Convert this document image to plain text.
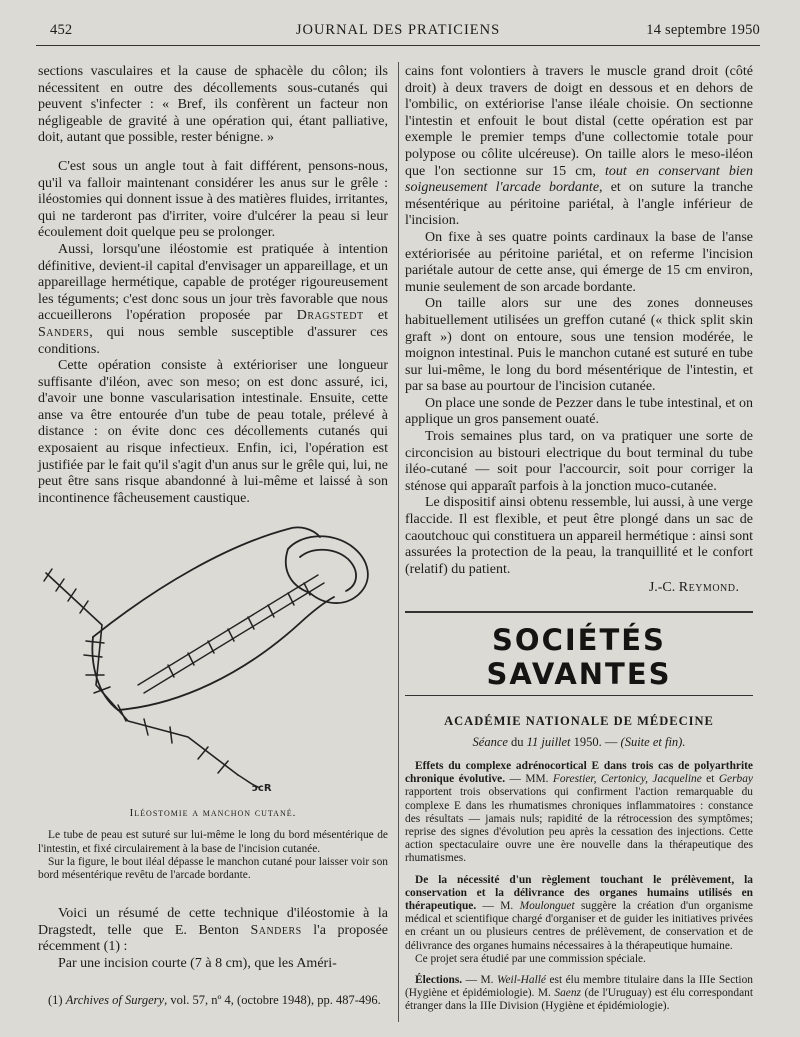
452	JOURNAL DES PRATICIENS	14 septembre 1950

sections vasculaires et la cause de sphacèle du côlon; ils nécessitent en outre des décollements sous-cutanés qui peuvent s'infecter : « Bref, ils confèrent un facteur non négligeable de gravité à une opération qui, étant palliative, doit, autant que possible, rester bénigne. »

C'est sous un angle tout à fait différent, pensons-nous, qu'il va falloir maintenant considérer les anus sur le grêle : iléostomies qui donnent issue à des matières fluides, irritantes, qui ne tarderont pas d'irriter, voire d'ulcérer la peau si leur écoulement doit quelque peu se prolonger.

Aussi, lorsqu'une iléostomie est pratiquée à intention définitive, devient-il capital d'envisager un appareillage, et un appareillage hermétique, capable de protéger rigoureusement les téguments; c'est donc sous un jour très favorable que nous accueillerons l'opération proposée par Dragstedt et Sanders, qui nous semble susceptible d'assurer ces conditions.

Cette opération consiste à extérioriser une longueur suffisante d'iléon, avec son meso; on est donc assuré, ici, d'avoir une bonne vascularisation intestinale. Ensuite, cette anse va être entourée d'un tube de peau totale, prélevé à distance : on évite donc ces décollements cutanés qui exposaient au risque infectieux. Enfin, ici, l'opération est justifiée par le fait qu'il s'agit d'un anus sur le grêle qui, lui, ne peut être sans risque abandonné à lui-même et laissé à son incontinence fâcheusement caustique.

ɔcR

Iléostomie a manchon cutané.

Le tube de peau est suturé sur lui-même le long du bord mésentérique de l'intestin, et fixé circulairement à la base de l'incision cutanée.

Sur la figure, le bout iléal dépasse le manchon cutané pour laisser voir son bord mésentérique revêtu de l'arcade bordante.

Voici un résumé de cette technique d'iléostomie à la Dragstedt, telle que E. Benton Sanders l'a proposée récemment (1) :

Par une incision courte (7 à 8 cm), que les Améri-

(1) Archives of Surgery, vol. 57, nº 4, (octobre 1948), pp. 487-496.

cains font volontiers à travers le muscle grand droit (côté droit) à deux travers de doigt en dessous et en dehors de l'ombilic, on extériorise l'anse iléale choisie. On sectionne l'intestin et enfouit le bout distal (cette opération est par exemple le premier temps d'une collectomie totale pour polypose ou côlite ulcéreuse). On taille alors le meso-iléon que l'on sectionne sur 15 cm, tout en conservant bien soigneusement l'arcade bordante, et on suture la tranche mésentérique au péritoine pariétal, à l'angle inférieur de l'incision.

On fixe à ses quatre points cardinaux la base de l'anse extériorisée au péritoine pariétal, et on referme l'incision pariétale autour de cette anse, qui émerge de 15 cm environ, munie seulement de son arcade bordante.

On taille alors sur une des zones donneuses habituellement utilisées un greffon cutané (« thick split skin graft ») dont on entoure, sous une tension modérée, le moignon intestinal. Puis le manchon cutané est suturé en tube sur lui-même, le long du bord mésentérique de l'intestin, et par sa base au pourtour de l'incision cutanée.

On place une sonde de Pezzer dans le tube intestinal, et on applique un gros pansement ouaté.

Trois semaines plus tard, on va pratiquer une sorte de circoncision au bistouri electrique du bout terminal du tube iléo-cutané — soit pour l'accourcir, soit pour corriger la sténose qui apparaît parfois à la jonction muco-cutanée.

Le dispositif ainsi obtenu ressemble, lui aussi, à une verge flaccide. Il est flexible, et peut être plongé dans un sac de caoutchouc qui constituera un appareil hermétique : ainsi sont assurées la protection de la peau, la tranquillité et le confort (relatif) du patient.

J.-C. Reymond.

SOCIÉTÉS SAVANTES
ACADÉMIE NATIONALE DE MÉDECINE
Séance du 11 juillet 1950. — (Suite et fin).

Effets du complexe adrénocortical E dans trois cas de polyarthrite chronique évolutive. — MM. Forestier, Certonicy, Jacqueline et Gerbay rapportent trois observations qui confirment l'action remarquable du complexe E dans les rhumatismes chroniques inflammatoires : constance des résultats — jamais nuls; rapidité de la rétrocession des symptômes; reprise des signes d'évolution peu après la cessation des injections. Cette action spectaculaire ouvre une ère nouvelle dans la thérapeutique des rhumatismes.

De la nécessité d'un règlement touchant le prélèvement, la conservation et la délivrance des organes humains utilisés en thérapeutique. — M. Moulonguet suggère la création d'un organisme médical et scientifique chargé d'organiser et de guider les initiatives privées en créant un ou plusieurs centres de prélèvement, de conservation et de délivrance des organes humains nécessaires à la thérapeutique humaine.

Ce projet sera étudié par une commission spéciale.

Élections. — M. Weil-Hallé est élu membre titulaire dans la IIIe Section (Hygiène et épidémiologie). M. Saenz (de l'Uruguay) est élu correspondant étranger dans la IIIe Division (Hygiène et épidémiologie).
